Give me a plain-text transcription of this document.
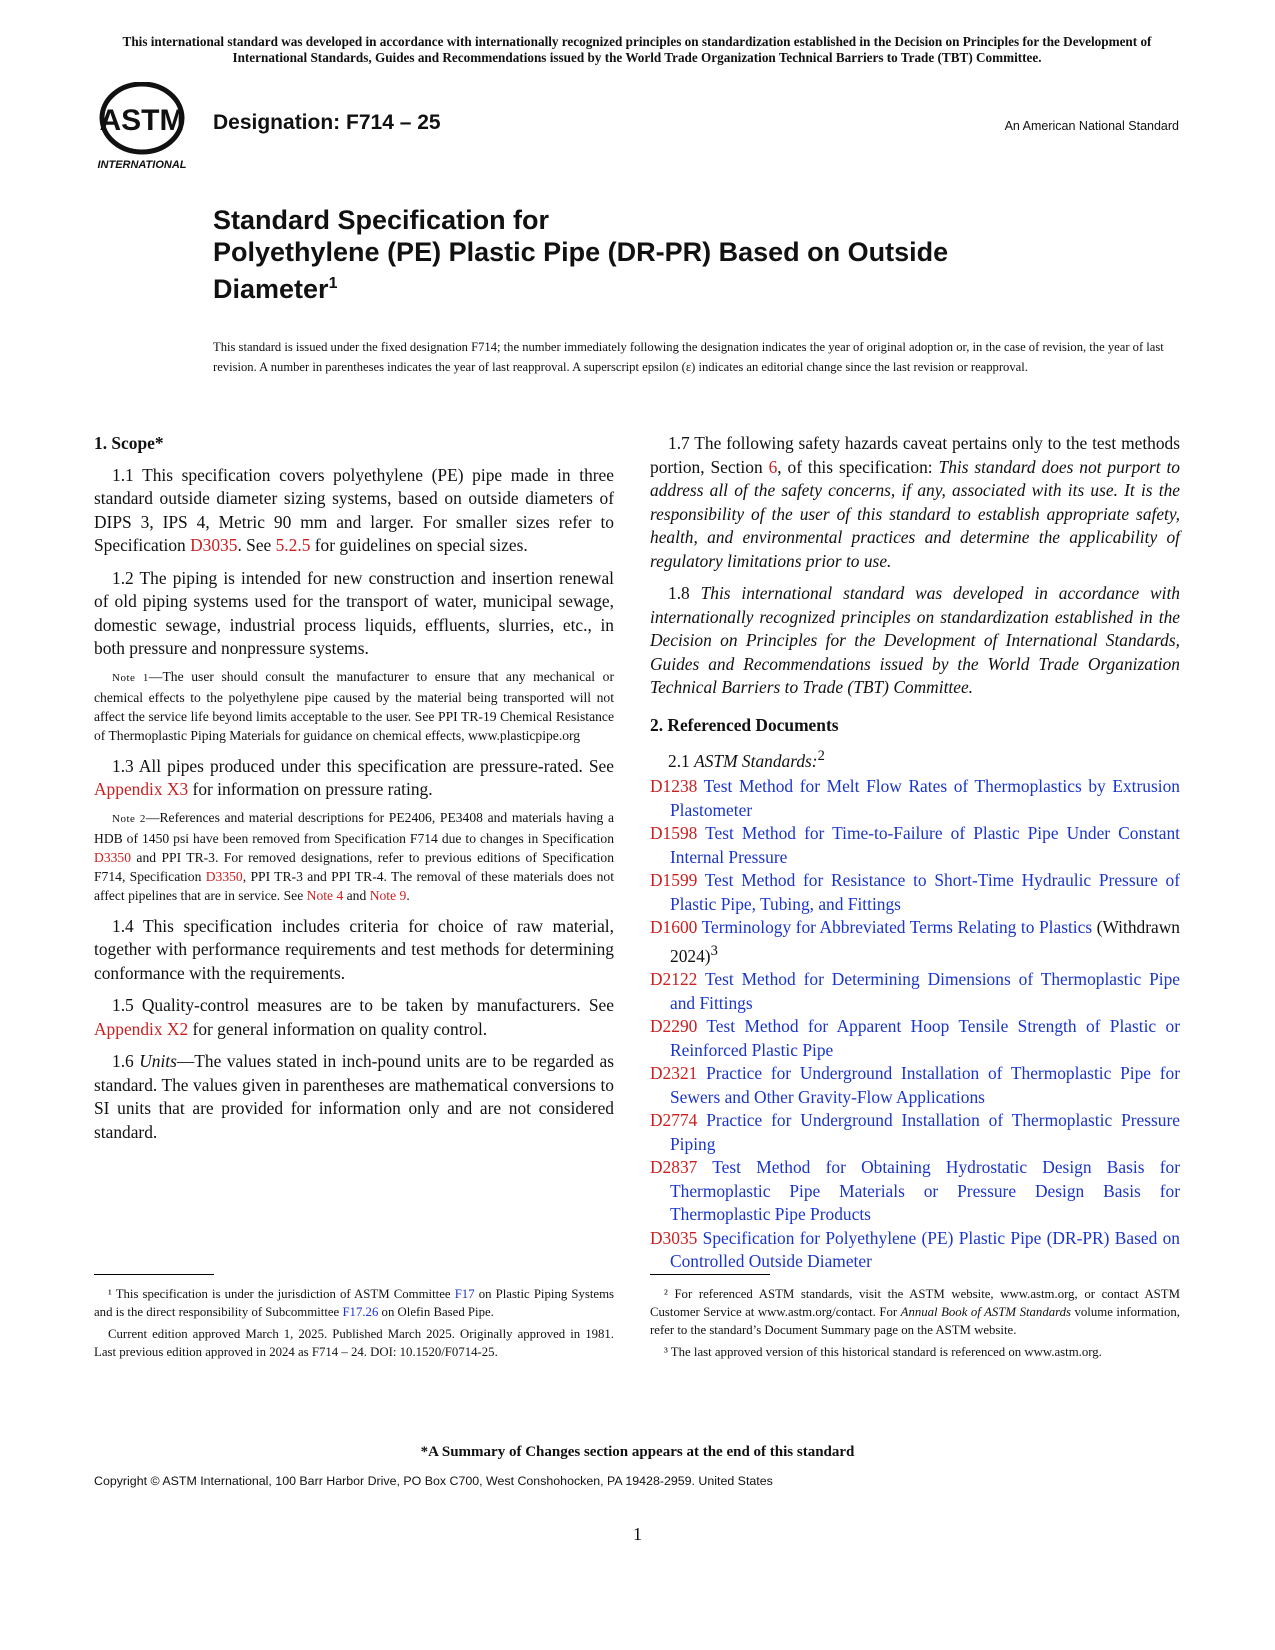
This international standard was developed in accordance with internationally recognized principles on standardization established in the Decision on Principles for the Development of International Standards, Guides and Recommendations issued by the World Trade Organization Technical Barriers to Trade (TBT) Committee.
ASTM
INTERNATIONAL
Designation: F714 – 25	An American National Standard
Standard Specification for
Polyethylene (PE) Plastic Pipe (DR-PR) Based on Outside
Diameter$^1$
This standard is issued under the fixed designation F714; the number immediately following the designation indicates the year of original adoption or, in the case of revision, the year of last revision. A number in parentheses indicates the year of last reapproval. A superscript epsilon (ε) indicates an editorial change since the last revision or reapproval.
1. Scope*

1.1 This specification covers polyethylene (PE) pipe made in three standard outside diameter sizing systems, based on outside diameters of DIPS 3, IPS 4, Metric 90 mm and larger. For smaller sizes refer to Specification D3035. See 5.2.5 for guidelines on special sizes.

1.2 The piping is intended for new construction and insertion renewal of old piping systems used for the transport of water, municipal sewage, domestic sewage, industrial process liquids, effluents, slurries, etc., in both pressure and nonpressure systems.

Note 1—The user should consult the manufacturer to ensure that any mechanical or chemical effects to the polyethylene pipe caused by the material being transported will not affect the service life beyond limits acceptable to the user. See PPI TR-19 Chemical Resistance of Thermoplastic Piping Materials for guidance on chemical effects, www.plasticpipe.org

1.3 All pipes produced under this specification are pressure-rated. See Appendix X3 for information on pressure rating.

Note 2—References and material descriptions for PE2406, PE3408 and materials having a HDB of 1450 psi have been removed from Specification F714 due to changes in Specification D3350 and PPI TR-3. For removed designations, refer to previous editions of Specification F714, Specification D3350, PPI TR-3 and PPI TR-4. The removal of these materials does not affect pipelines that are in service. See Note 4 and Note 9.

1.4 This specification includes criteria for choice of raw material, together with performance requirements and test methods for determining conformance with the requirements.

1.5 Quality-control measures are to be taken by manufacturers. See Appendix X2 for general information on quality control.

1.6 Units—The values stated in inch-pound units are to be regarded as standard. The values given in parentheses are mathematical conversions to SI units that are provided for information only and are not considered standard.

1.7 The following safety hazards caveat pertains only to the test methods portion, Section 6, of this specification: This standard does not purport to address all of the safety concerns, if any, associated with its use. It is the responsibility of the user of this standard to establish appropriate safety, health, and environmental practices and determine the applicability of regulatory limitations prior to use.

1.8 This international standard was developed in accordance with internationally recognized principles on standardization established in the Decision on Principles for the Development of International Standards, Guides and Recommendations issued by the World Trade Organization Technical Barriers to Trade (TBT) Committee.

2. Referenced Documents

2.1 ASTM Standards:$^2$

D1238 Test Method for Melt Flow Rates of Thermoplastics by Extrusion Plastometer
D1598 Test Method for Time-to-Failure of Plastic Pipe Under Constant Internal Pressure
D1599 Test Method for Resistance to Short-Time Hydraulic Pressure of Plastic Pipe, Tubing, and Fittings
D1600 Terminology for Abbreviated Terms Relating to Plastics (Withdrawn 2024)$^3$
D2122 Test Method for Determining Dimensions of Thermoplastic Pipe and Fittings
D2290 Test Method for Apparent Hoop Tensile Strength of Plastic or Reinforced Plastic Pipe
D2321 Practice for Underground Installation of Thermoplastic Pipe for Sewers and Other Gravity-Flow Applications
D2774 Practice for Underground Installation of Thermoplastic Pressure Piping
D2837 Test Method for Obtaining Hydrostatic Design Basis for Thermoplastic Pipe Materials or Pressure Design Basis for Thermoplastic Pipe Products
D3035 Specification for Polyethylene (PE) Plastic Pipe (DR-PR) Based on Controlled Outside Diameter

¹ This specification is under the jurisdiction of ASTM Committee F17 on Plastic Piping Systems and is the direct responsibility of Subcommittee F17.26 on Olefin Based Pipe.

Current edition approved March 1, 2025. Published March 2025. Originally approved in 1981. Last previous edition approved in 2024 as F714 – 24. DOI: 10.1520/F0714-25.

² For referenced ASTM standards, visit the ASTM website, www.astm.org, or contact ASTM Customer Service at www.astm.org/contact. For Annual Book of ASTM Standards volume information, refer to the standard’s Document Summary page on the ASTM website.

³ The last approved version of this historical standard is referenced on www.astm.org.

*A Summary of Changes section appears at the end of this standard
Copyright © ASTM International, 100 Barr Harbor Drive, PO Box C700, West Conshohocken, PA 19428-2959. United States
1
